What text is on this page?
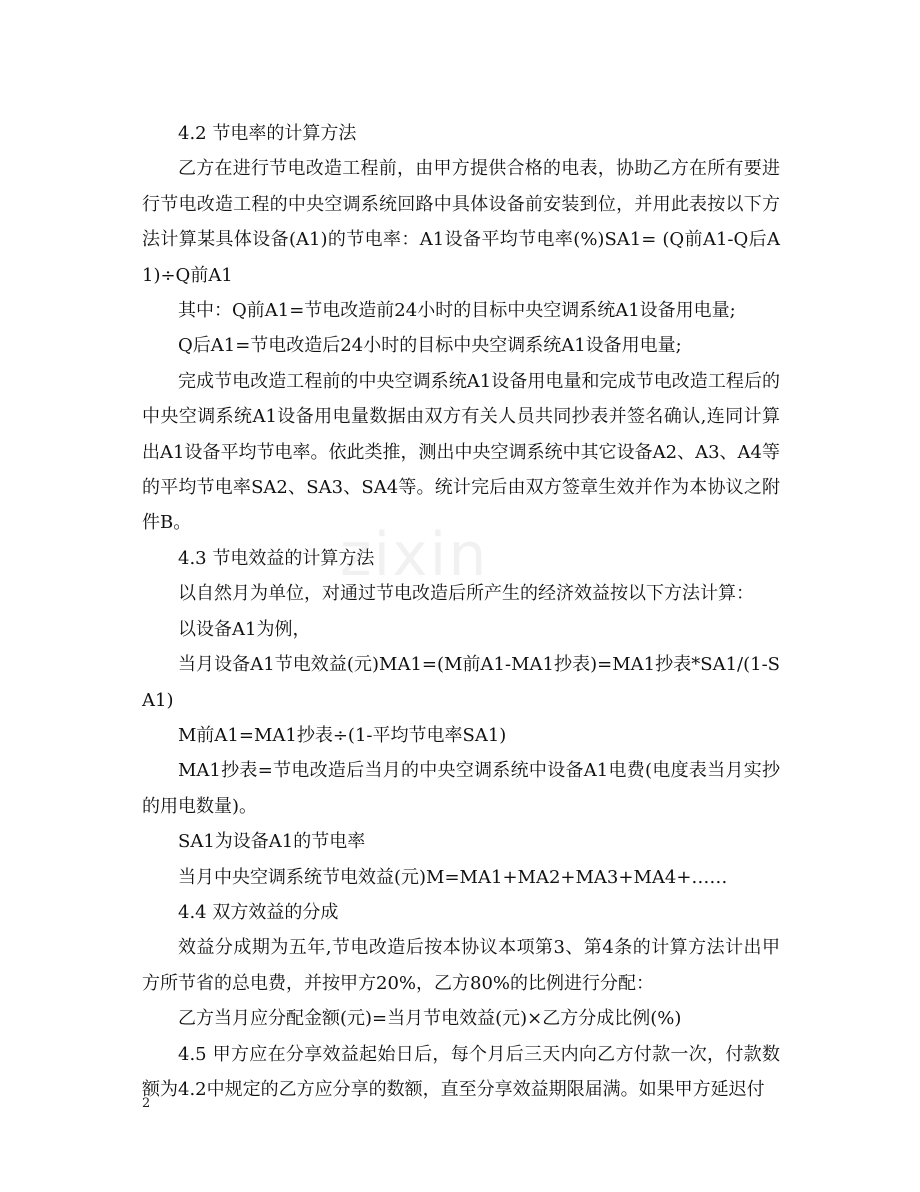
zixin

4.2 节电率的计算方法

乙方在进行节电改造工程前，由甲方提供合格的电表，协助乙方在所有要进行节电改造工程的中央空调系统回路中具体设备前安装到位，并用此表按以下方法计算某具体设备(A1)的节电率：A1设备平均节电率(%)SA1= (Q前A1-Q后A1)÷Q前A1

其中：Q前A1=节电改造前24小时的目标中央空调系统A1设备用电量;

Q后A1=节电改造后24小时的目标中央空调系统A1设备用电量;

完成节电改造工程前的中央空调系统A1设备用电量和完成节电改造工程后的中央空调系统A1设备用电量数据由双方有关人员共同抄表并签名确认,连同计算出A1设备平均节电率。依此类推，测出中央空调系统中其它设备A2、A3、A4等的平均节电率SA2、SA3、SA4等。统计完后由双方签章生效并作为本协议之附件B。

4.3 节电效益的计算方法

以自然月为单位，对通过节电改造后所产生的经济效益按以下方法计算：

以设备A1为例，

当月设备A1节电效益(元)MA1=(M前A1-MA1抄表)=MA1抄表*SA1/(1-SA1)

M前A1=MA1抄表÷(1-平均节电率SA1)

MA1抄表=节电改造后当月的中央空调系统中设备A1电费(电度表当月实抄的用电数量)。

SA1为设备A1的节电率

当月中央空调系统节电效益(元)M=MA1+MA2+MA3+MA4+……

4.4 双方效益的分成

效益分成期为五年,节电改造后按本协议本项第3、第4条的计算方法计出甲方所节省的总电费，并按甲方20%，乙方80%的比例进行分配：

乙方当月应分配金额(元)=当月节电效益(元)×乙方分成比例(%)

4.5 甲方应在分享效益起始日后，每个月后三天内向乙方付款一次，付款数额为4.2中规定的乙方应分享的数额，直至分享效益期限届满。如果甲方延迟付

2
